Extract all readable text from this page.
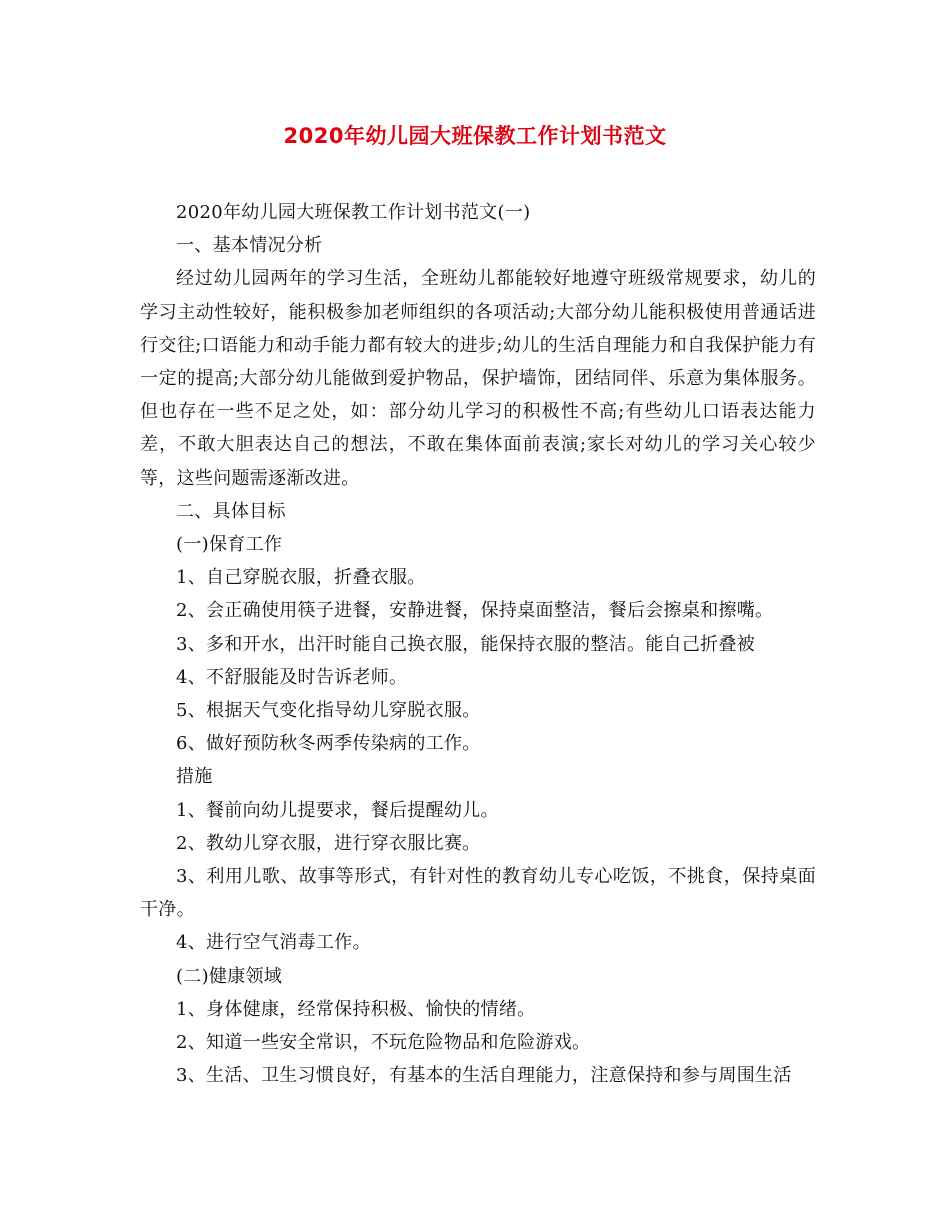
2020年幼儿园大班保教工作计划书范文

2020年幼儿园大班保教工作计划书范文(一)

一、基本情况分析

经过幼儿园两年的学习生活，全班幼儿都能较好地遵守班级常规要求，幼儿的学习主动性较好，能积极参加老师组织的各项活动;大部分幼儿能积极使用普通话进行交往;口语能力和动手能力都有较大的进步;幼儿的生活自理能力和自我保护能力有一定的提高;大部分幼儿能做到爱护物品，保护墙饰，团结同伴、乐意为集体服务。但也存在一些不足之处，如：部分幼儿学习的积极性不高;有些幼儿口语表达能力差，不敢大胆表达自己的想法，不敢在集体面前表演;家长对幼儿的学习关心较少等，这些问题需逐渐改进。

二、具体目标

(一)保育工作

1、自己穿脱衣服，折叠衣服。

2、会正确使用筷子进餐，安静进餐，保持桌面整洁，餐后会擦桌和擦嘴。

3、多和开水，出汗时能自己换衣服，能保持衣服的整洁。能自己折叠被

4、不舒服能及时告诉老师。

5、根据天气变化指导幼儿穿脱衣服。

6、做好预防秋冬两季传染病的工作。

措施

1、餐前向幼儿提要求，餐后提醒幼儿。

2、教幼儿穿衣服，进行穿衣服比赛。

3、利用儿歌、故事等形式，有针对性的教育幼儿专心吃饭，不挑食，保持桌面干净。

4、进行空气消毒工作。

(二)健康领域

1、身体健康，经常保持积极、愉快的情绪。

2、知道一些安全常识，不玩危险物品和危险游戏。

3、生活、卫生习惯良好，有基本的生活自理能力，注意保持和参与周围生活
